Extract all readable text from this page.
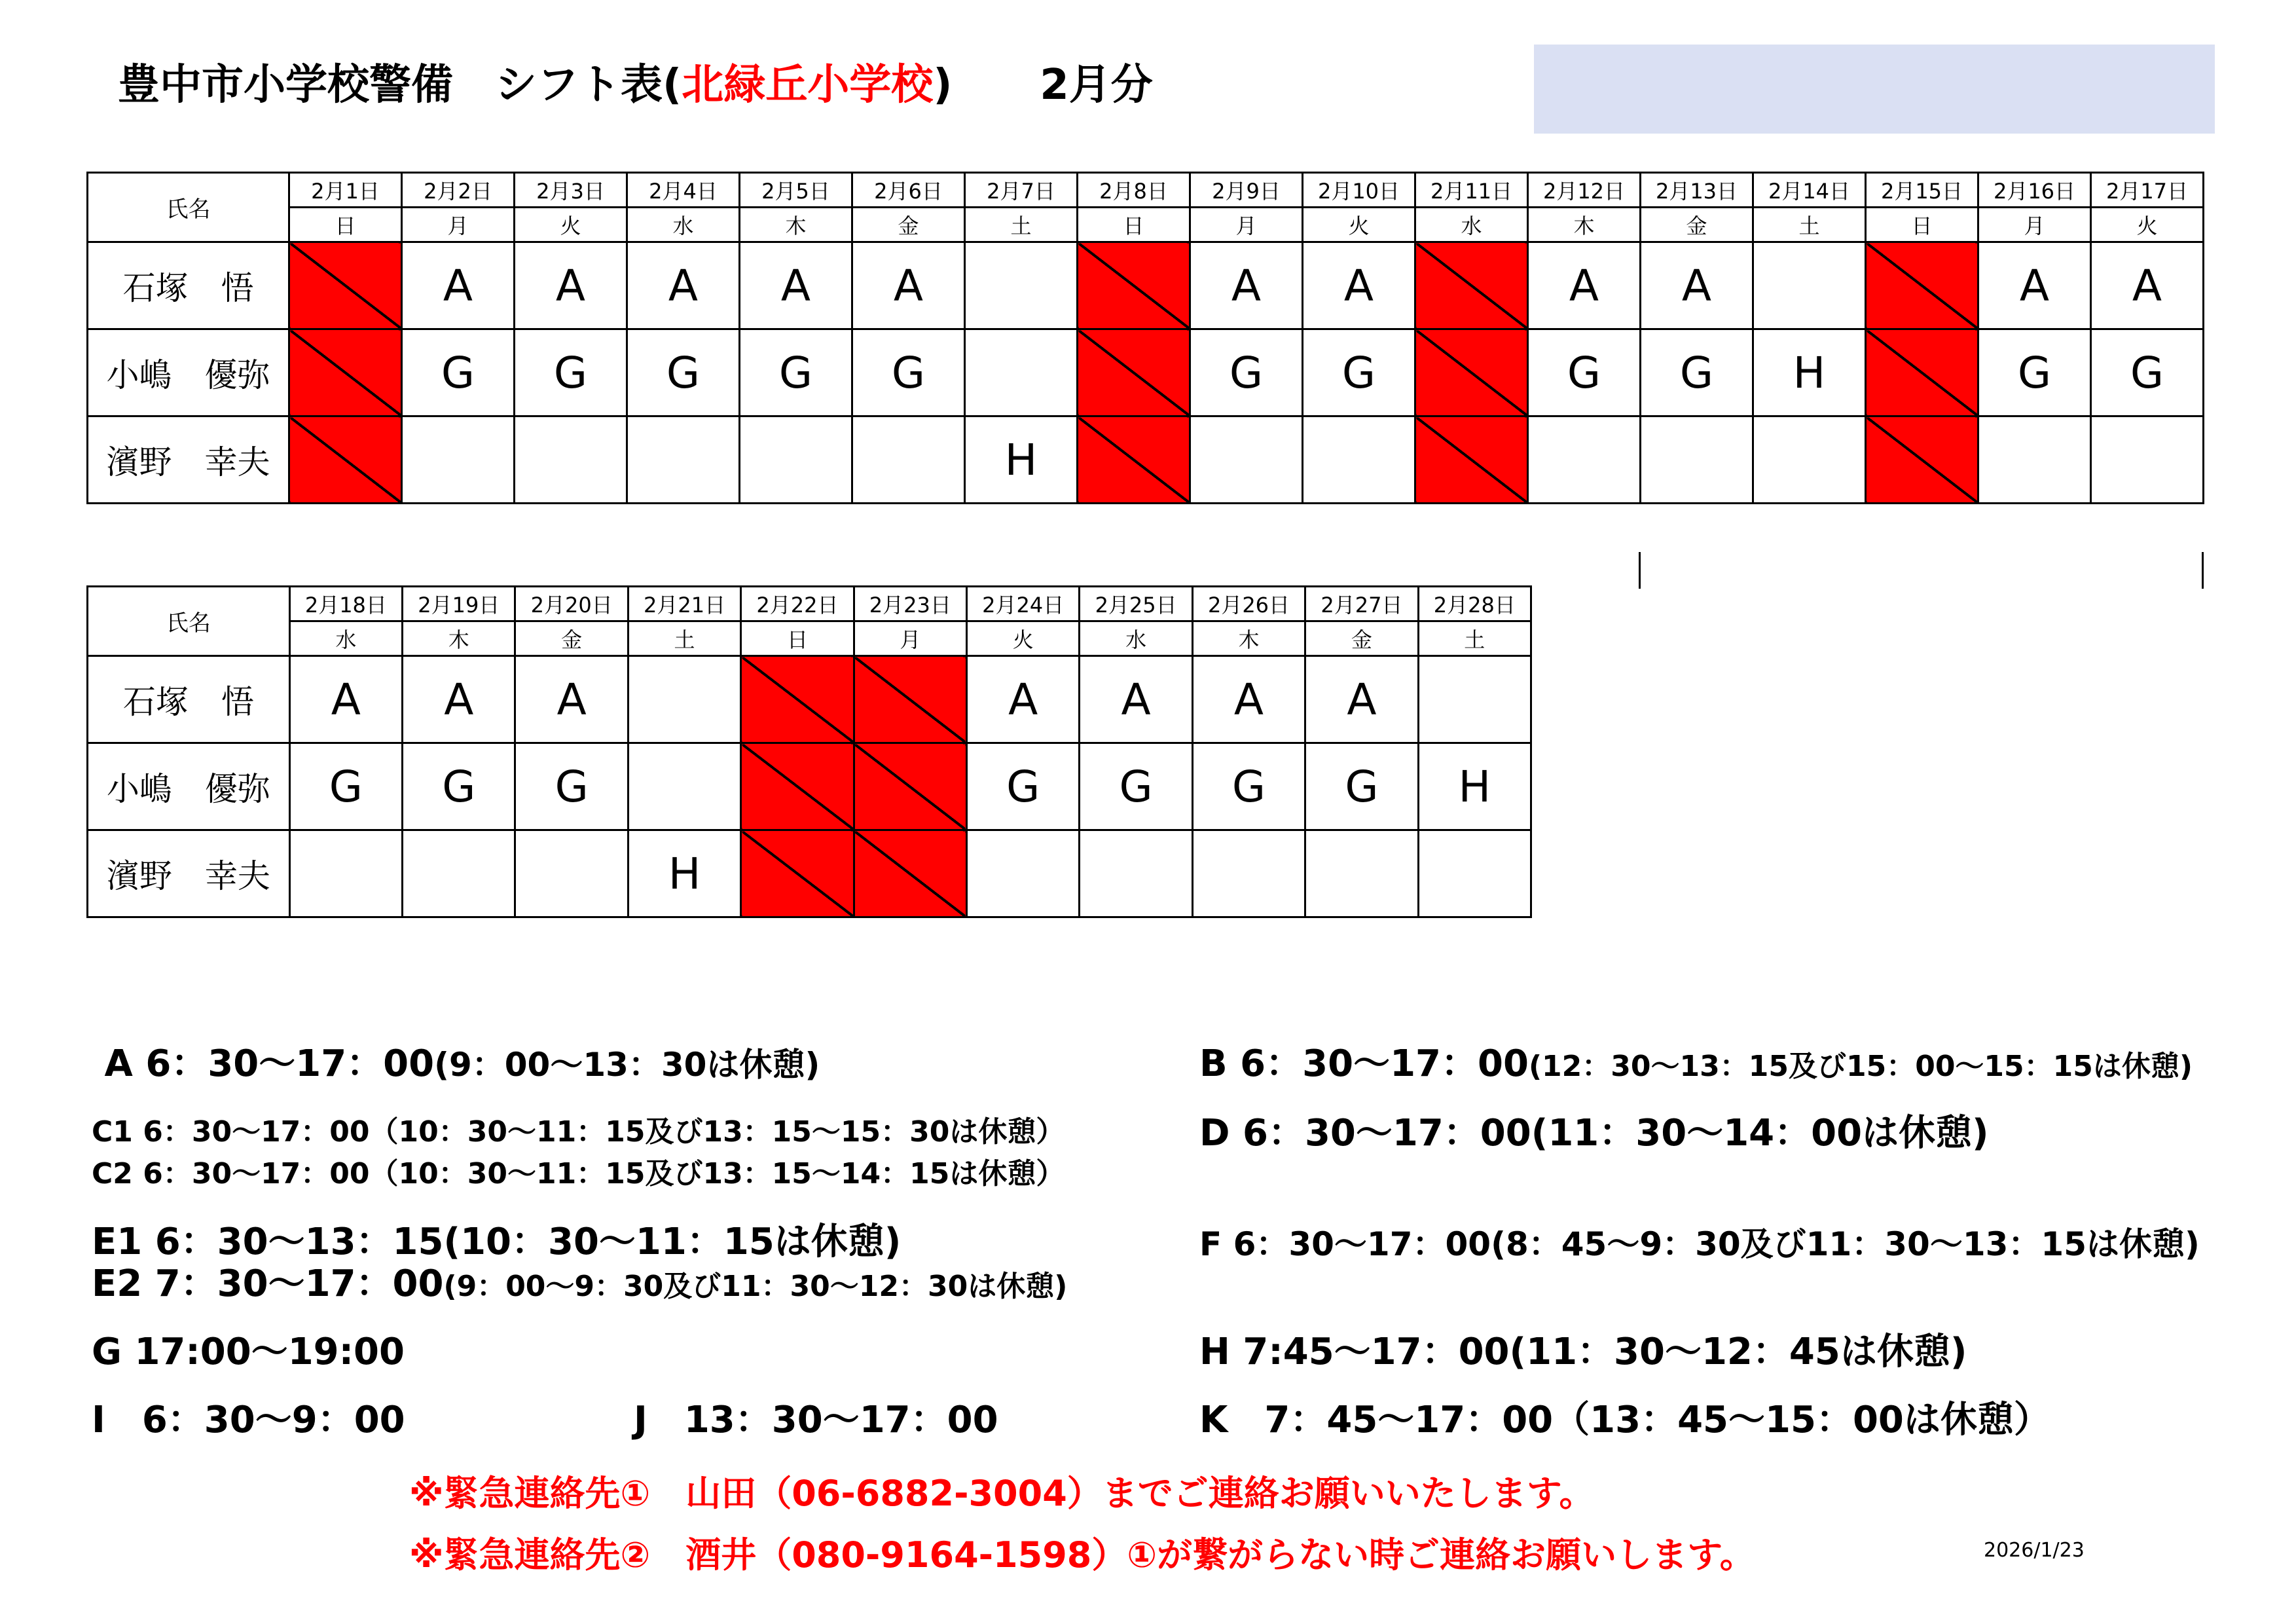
豊中市小学校警備　シフト表(北緑丘小学校) 2月分
氏名	2月1日	2月2日	2月3日	2月4日	2月5日	2月6日	2月7日	2月8日	2月9日	2月10日	2月11日	2月12日	2月13日	2月14日	2月15日	2月16日	2月17日
	日	月	火	水	木	金	土	日	月	火	水	木	金	土	日	月	火
石塚　悟		A	A	A	A	A			A	A		A	A			A	A
小嶋　優弥		G	G	G	G	G			G	G		G	G	H		G	G
濱野　幸夫							H										
氏名	2月18日	2月19日	2月20日	2月21日	2月22日	2月23日	2月24日	2月25日	2月26日	2月27日	2月28日
	水	木	金	土	日	月	火	水	木	金	土
石塚　悟	A	A	A				A	A	A	A	
小嶋　優弥	G	G	G				G	G	G	G	H
濱野　幸夫				H							
A 6：30～17：00(9：00～13：30は休憩)	B 6：30～17：00(12：30～13：15及び15：00～15：15は休憩)
C1 6：30～17：00（10：30～11：15及び13：15～15：30は休憩）
C2 6：30～17：00（10：30～11：15及び13：15～14：15は休憩）
D 6：30～17：00(11：30～14：00は休憩)
E1 6：30～13：15(10：30～11：15は休憩)
E2 7：30～17：00(9：00～9：30及び11：30～12：30は休憩)
F 6：30～17：00(8：45～9：30及び11：30～13：15は休憩)
G 17:00～19:00	H 7:45～17：00(11：30～12：45は休憩)
I　6：30～9：00	J　13：30～17：00	K　7：45～17：00（13：45～15：00は休憩）
※緊急連絡先①　山田（06-6882-3004）までご連絡お願いいたします。
※緊急連絡先②　酒井（080-9164-1598）①が繋がらない時ご連絡お願いします。	2026/1/23
